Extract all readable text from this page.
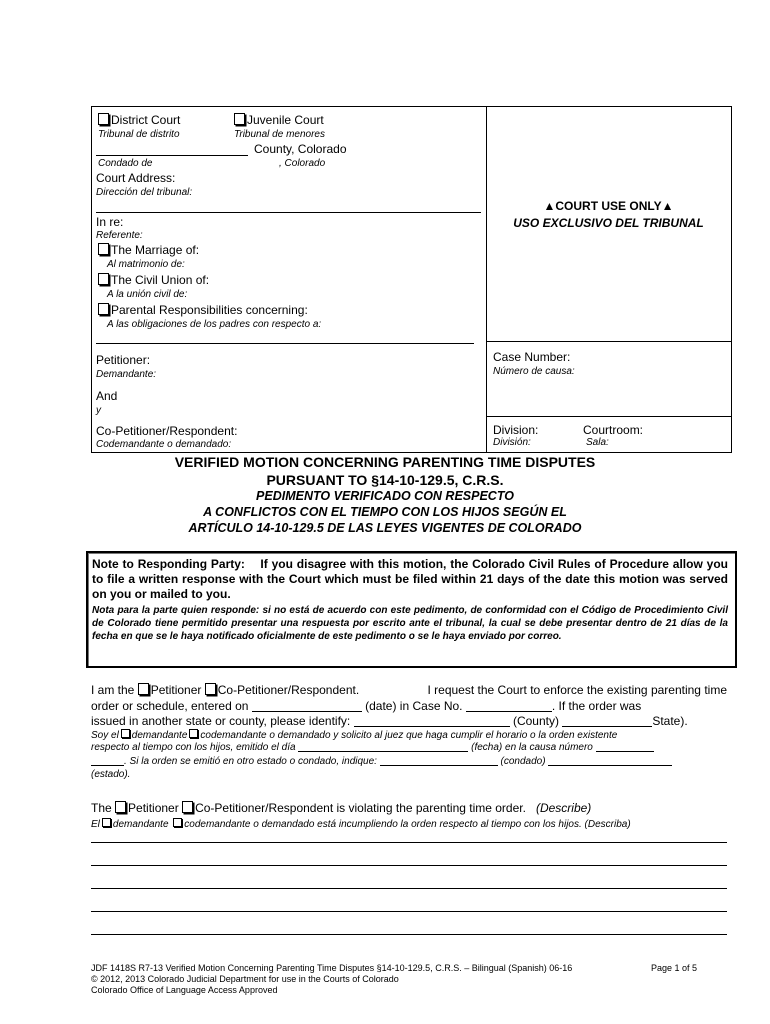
District Court
Tribunal de distrito
Juvenile Court
Tribunal de menores
County, Colorado
Condado de	, Colorado
Court Address:
Dirección del tribunal:
In re:
Referente:
The Marriage of:
Al matrimonio de:
The Civil Union of:
A la unión civil de:
Parental Responsibilities concerning:
A las obligaciones de los padres con respecto a:
Petitioner:
Demandante:
And
y
Co-Petitioner/Respondent:
Codemandante o demandado:
▲COURT USE ONLY▲
USO EXCLUSIVO DEL TRIBUNAL
Case Number:
Número de causa:
Division:
División:
Courtroom:
Sala:
VERIFIED MOTION CONCERNING PARENTING TIME DISPUTES
PURSUANT TO §14-10-129.5, C.R.S.
PEDIMENTO VERIFICADO CON RESPECTO
A CONFLICTOS CON EL TIEMPO CON LOS HIJOS SEGÚN EL
ARTÍCULO 14-10-129.5 DE LAS LEYES VIGENTES DE COLORADO
Note to Responding Party: If you disagree with this motion, the Colorado Civil Rules of Procedure allow you to file a written response with the Court which must be filed within 21 days of the date this motion was served on you or mailed to you.
Nota para la parte quien responde: si no está de acuerdo con este pedimento, de conformidad con el Código de Procedimiento Civil de Colorado tiene permitido presentar una respuesta por escrito ante el tribunal, la cual se debe presentar dentro de 21 días de la fecha en que se le haya notificado oficialmente de este pedimento o se le haya enviado por correo.
I am the Petitioner Co-Petitioner/Respondent.	I request the Court to enforce the existing parenting time
order or schedule, entered on	(date) in Case No.	. If the order was
issued in another state or county, please identify:	(County)	State).
Soy el demandante codemandante o demandado y solicito al juez que haga cumplir el horario o la orden existente
respecto al tiempo con los hijos, emitido el día	(fecha) en la causa número
. Si la orden se emitió en otro estado o condado, indique:	(condado)
(estado).
The Petitioner Co-Petitioner/Respondent is violating the parenting time order. (Describe)
El demandante codemandante o demandado está incumpliendo la orden respecto al tiempo con los hijos. (Describa)
JDF 1418S R7-13 Verified Motion Concerning Parenting Time Disputes §14-10-129.5, C.R.S. – Bilingual (Spanish) 06-16	Page 1 of 5
© 2012, 2013 Colorado Judicial Department for use in the Courts of Colorado
Colorado Office of Language Access Approved
